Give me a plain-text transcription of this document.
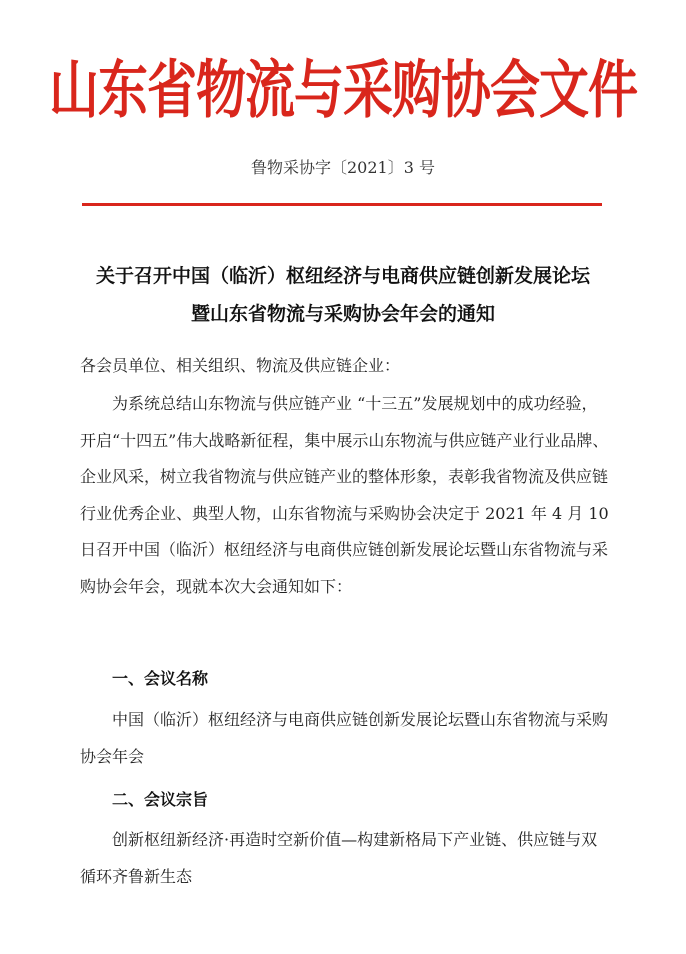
山东省物流与采购协会文件
鲁物采协字〔2021〕3 号
关于召开中国（临沂）枢纽经济与电商供应链创新发展论坛
暨山东省物流与采购协会年会的通知
各会员单位、相关组织、物流及供应链企业：
为系统总结山东物流与供应链产业 “十三五”发展规划中的成功经验，开启“十四五”伟大战略新征程，集中展示山东物流与供应链产业行业品牌、企业风采，树立我省物流与供应链产业的整体形象，表彰我省物流及供应链行业优秀企业、典型人物，山东省物流与采购协会决定于 2021 年 4 月 10 日召开中国（临沂）枢纽经济与电商供应链创新发展论坛暨山东省物流与采购协会年会，现就本次大会通知如下：
一、会议名称
中国（临沂）枢纽经济与电商供应链创新发展论坛暨山东省物流与采购协会年会
二、会议宗旨
创新枢纽新经济·再造时空新价值—构建新格局下产业链、供应链与双循环齐鲁新生态
